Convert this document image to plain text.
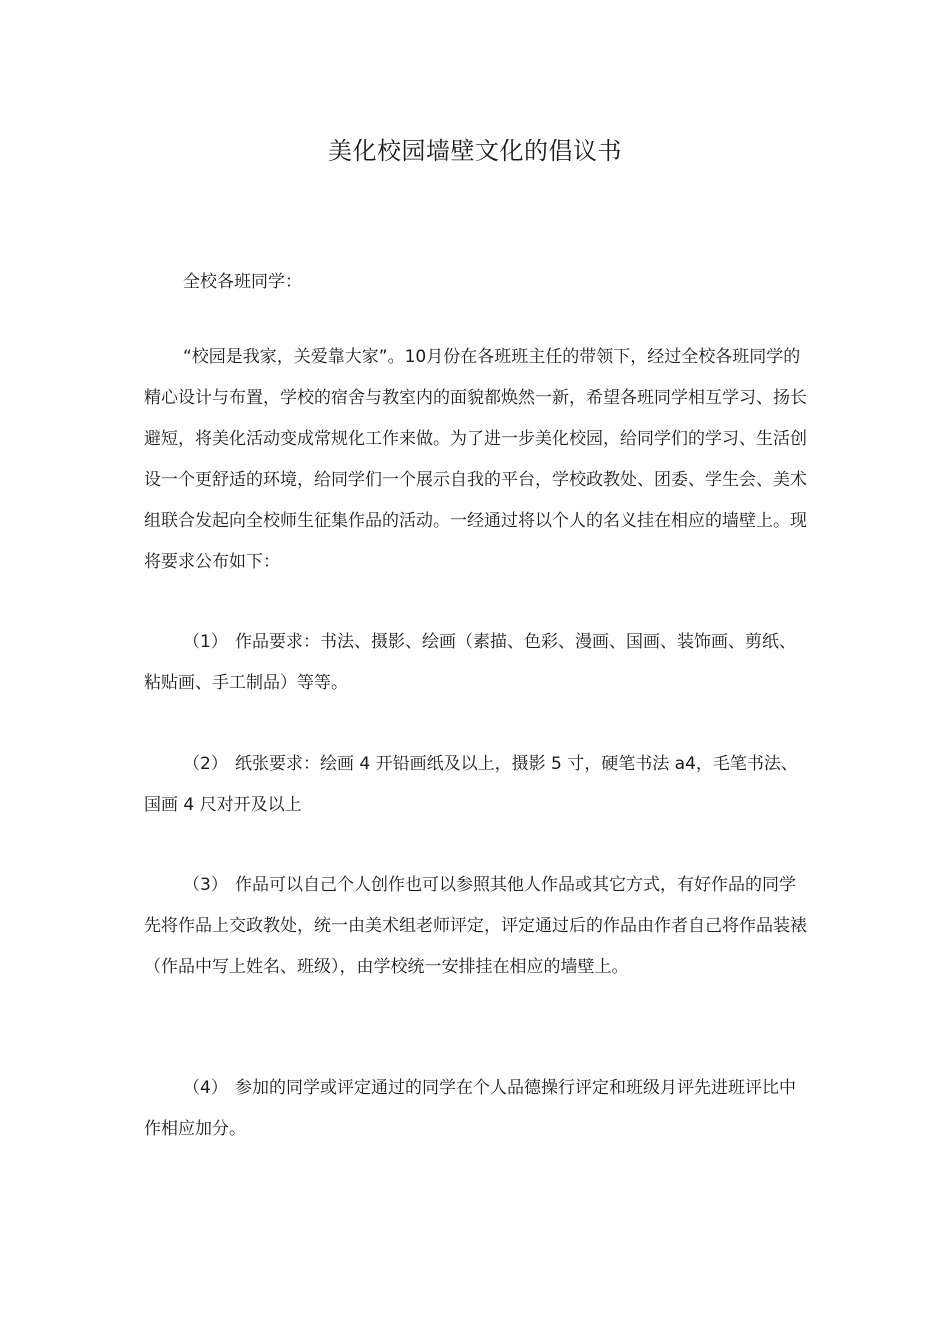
美化校园墙壁文化的倡议书

全校各班同学：

“校园是我家，关爱靠大家”。10月份在各班班主任的带领下，经过全校各班同学的精心设计与布置，学校的宿舍与教室内的面貌都焕然一新，希望各班同学相互学习、扬长避短，将美化活动变成常规化工作来做。为了进一步美化校园，给同学们的学习、生活创设一个更舒适的环境，给同学们一个展示自我的平台，学校政教处、团委、学生会、美术组联合发起向全校师生征集作品的活动。一经通过将以个人的名义挂在相应的墙壁上。现将要求公布如下：

（1） 作品要求：书法、摄影、绘画（素描、色彩、漫画、国画、装饰画、剪纸、粘贴画、手工制品）等等。

（2） 纸张要求：绘画 4 开铅画纸及以上，摄影 5 寸，硬笔书法 a4，毛笔书法、国画 4 尺对开及以上

（3） 作品可以自己个人创作也可以参照其他人作品或其它方式，有好作品的同学先将作品上交政教处，统一由美术组老师评定，评定通过后的作品由作者自己将作品装裱（作品中写上姓名、班级），由学校统一安排挂在相应的墙壁上。

（4） 参加的同学或评定通过的同学在个人品德操行评定和班级月评先进班评比中作相应加分。
